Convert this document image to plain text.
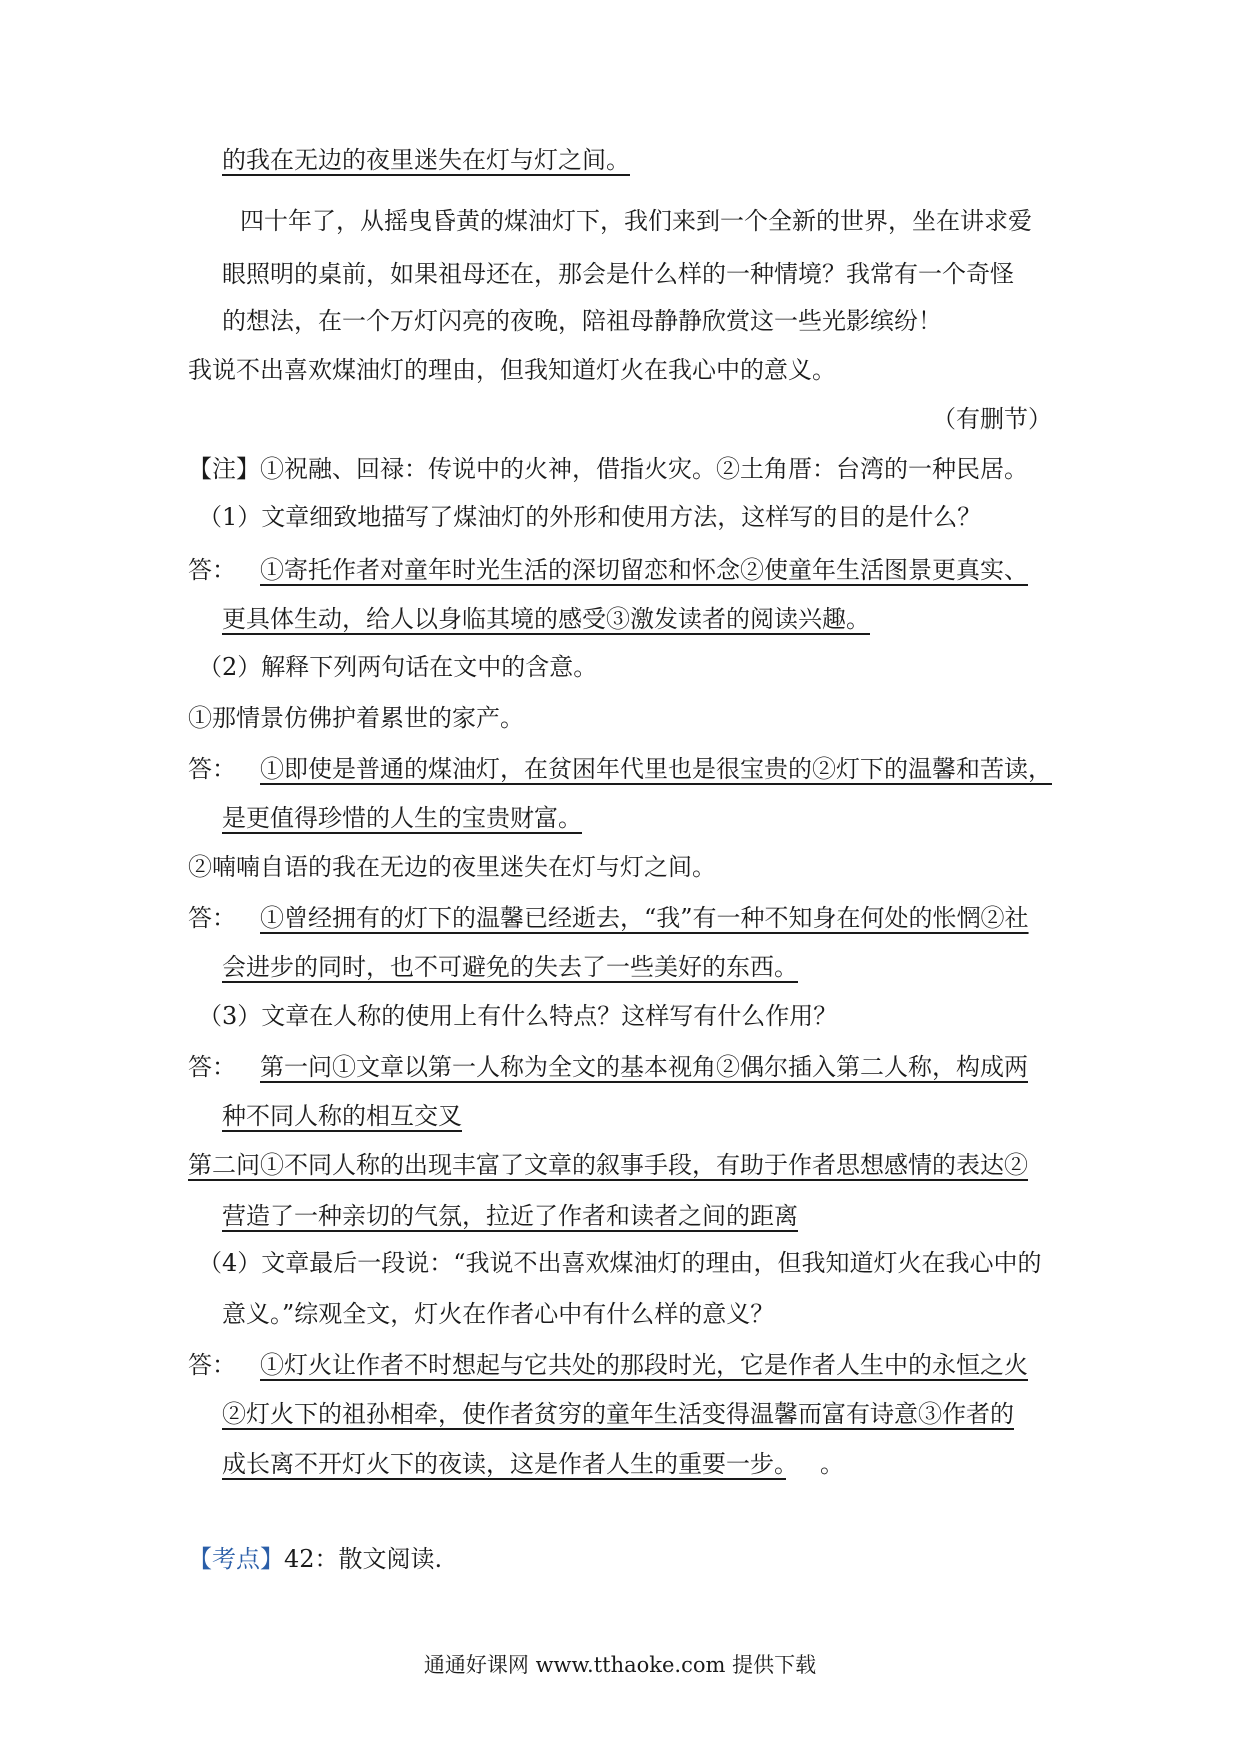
的我在无边的夜里迷失在灯与灯之间。
四十年了，从摇曳昏黄的煤油灯下，我们来到一个全新的世界，坐在讲求爱
眼照明的桌前，如果祖母还在，那会是什么样的一种情境？我常有一个奇怪
的想法，在一个万灯闪亮的夜晚，陪祖母静静欣赏这一些光影缤纷！
我说不出喜欢煤油灯的理由，但我知道灯火在我心中的意义。
（有删节）
【注】①祝融、回禄：传说中的火神，借指火灾。②土角厝：台湾的一种民居。
（1）文章细致地描写了煤油灯的外形和使用方法，这样写的目的是什么？
答： ①寄托作者对童年时光生活的深切留恋和怀念②使童年生活图景更真实、
更具体生动，给人以身临其境的感受③激发读者的阅读兴趣。
（2）解释下列两句话在文中的含意。
①那情景仿佛护着累世的家产。
答： ①即使是普通的煤油灯，在贫困年代里也是很宝贵的②灯下的温馨和苦读，
是更值得珍惜的人生的宝贵财富。
②喃喃自语的我在无边的夜里迷失在灯与灯之间。
答： ①曾经拥有的灯下的温馨已经逝去，“我”有一种不知身在何处的怅惘②社
会进步的同时，也不可避免的失去了一些美好的东西。
（3）文章在人称的使用上有什么特点？这样写有什么作用？
答： 第一问①文章以第一人称为全文的基本视角②偶尔插入第二人称，构成两
种不同人称的相互交叉
第二问①不同人称的出现丰富了文章的叙事手段，有助于作者思想感情的表达②
营造了一种亲切的气氛，拉近了作者和读者之间的距离
（4）文章最后一段说：“我说不出喜欢煤油灯的理由，但我知道灯火在我心中的
意义。”综观全文，灯火在作者心中有什么样的意义？
答： ①灯火让作者不时想起与它共处的那段时光，它是作者人生中的永恒之火
②灯火下的祖孙相牵，使作者贫穷的童年生活变得温馨而富有诗意③作者的
成长离不开灯火下的夜读，这是作者人生的重要一步。 。
【考点】42：散文阅读.
通通好课网 www.tthaoke.com 提供下载
